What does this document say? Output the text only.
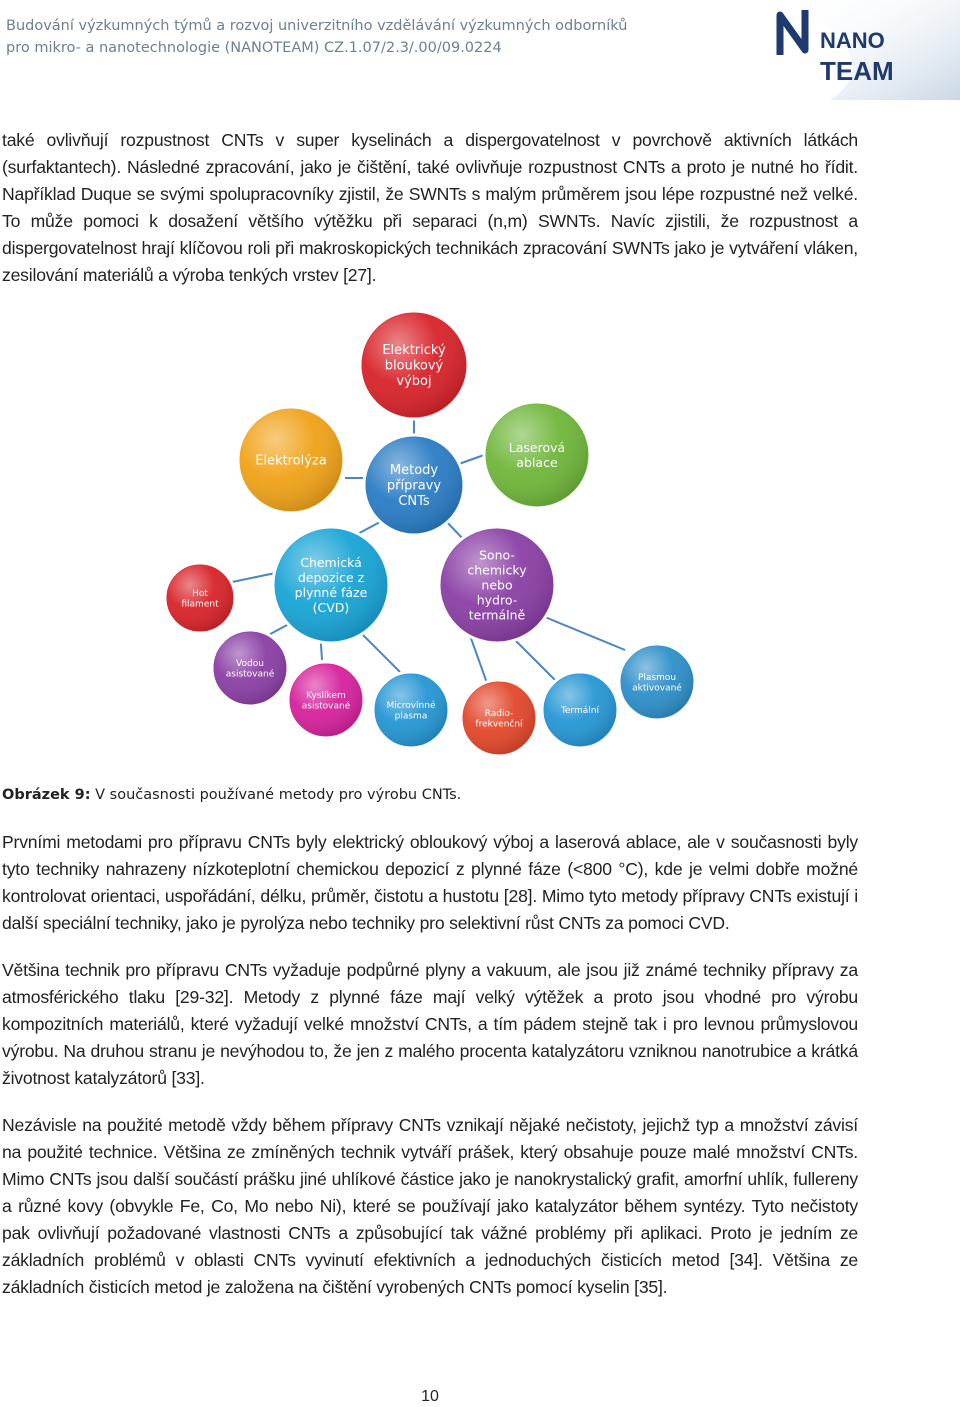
Budování výzkumných týmů a rozvoj univerzitního vzdělávání výzkumných odborníků
pro mikro- a nanotechnologie (NANOTEAM) CZ.1.07/2.3/.00/09.0224	NANO
TEAM
také ovlivňují rozpustnost CNTs v super kyselinách a dispergovatelnost v povrchově aktivních látkách (surfaktantech). Následné zpracování, jako je čištění, také ovlivňuje rozpustnost CNTs a proto je nutné ho řídit. Například Duque se svými spolupracovníky zjistil, že SWNTs s malým průměrem jsou lépe rozpustné než velké. To může pomoci k dosažení většího výtěžku při separaci (n,m) SWNTs. Navíc zjistili, že rozpustnost a dispergovatelnost hrají klíčovou roli při makroskopických technikách zpracování SWNTs jako je vytváření vláken, zesilování materiálů a výroba tenkých vrstev [27].
Metody
přípravy
CNTs
Elektrický
bloukový
výboj
Elektrolýza
Laserová
ablace
Chemická
depozice z
plynné fáze
(CVD)
Sono-
chemicky
nebo
hydro-
termálně
Hot
filament
Vodou
asistované
Kyslíkem
asistované	Microvlnné
plasma	Radio-
frekvenční
Termální
Plasmou
aktivované
Obrázek 9: V současnosti používané metody pro výrobu CNTs.
Prvními metodami pro přípravu CNTs byly elektrický obloukový výboj a laserová ablace, ale v současnosti byly tyto techniky nahrazeny nízkoteplotní chemickou depozicí z plynné fáze (<800 °C), kde je velmi dobře možné kontrolovat orientaci, uspořádání, délku, průměr, čistotu a hustotu [28]. Mimo tyto metody přípravy CNTs existují i další speciální techniky, jako je pyrolýza nebo techniky pro selektivní růst CNTs za pomoci CVD.
Většina technik pro přípravu CNTs vyžaduje podpůrné plyny a vakuum, ale jsou již známé techniky přípravy za atmosférického tlaku [29-32]. Metody z plynné fáze mají velký výtěžek a proto jsou vhodné pro výrobu kompozitních materiálů, které vyžadují velké množství CNTs, a tím pádem stejně tak i pro levnou průmyslovou výrobu. Na druhou stranu je nevýhodou to, že jen z malého procenta katalyzátoru vzniknou nanotrubice a krátká životnost katalyzátorů [33].
Nezávisle na použité metodě vždy během přípravy CNTs vznikají nějaké nečistoty, jejichž typ a množství závisí na použité technice. Většina ze zmíněných technik vytváří prášek, který obsahuje pouze malé množství CNTs. Mimo CNTs jsou další součástí prášku jiné uhlíkové částice jako je nanokrystalický grafit, amorfní uhlík, fullereny a různé kovy (obvykle Fe, Co, Mo nebo Ni), které se používají jako katalyzátor během syntézy. Tyto nečistoty pak ovlivňují požadované vlastnosti CNTs a způsobující tak vážné problémy při aplikaci. Proto je jedním ze základních problémů v oblasti CNTs vyvinutí efektivních a jednoduchých čisticích metod [34]. Většina ze základních čisticích metod je založena na čištění vyrobených CNTs pomocí kyselin [35].
10
